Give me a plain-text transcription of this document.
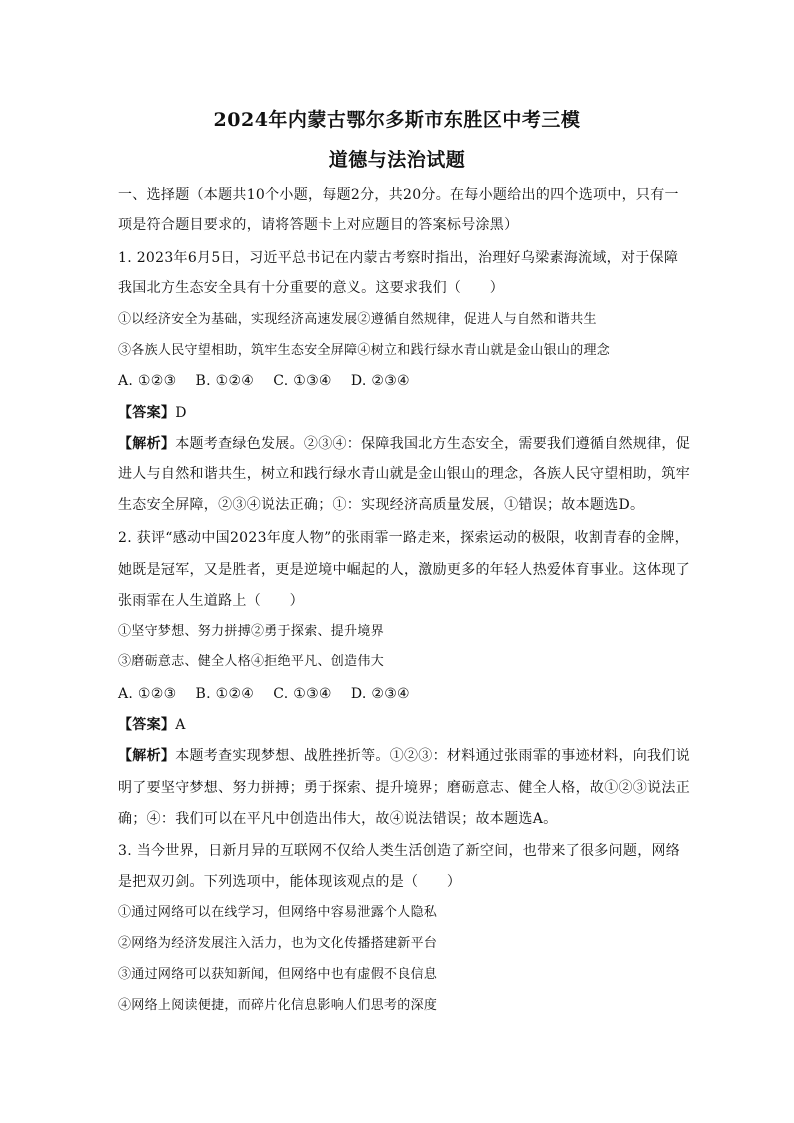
2024年内蒙古鄂尔多斯市东胜区中考三模
道德与法治试题
一、选择题（本题共10个小题，每题2分，共20分。在每小题给出的四个选项中，只有一
项是符合题目要求的，请将答题卡上对应题目的答案标号涂黑）
1. 2023年6月5日，习近平总书记在内蒙古考察时指出，治理好乌梁素海流域，对于保障
我国北方生态安全具有十分重要的意义。这要求我们（　　）
①以经济安全为基础，实现经济高速发展②遵循自然规律，促进人与自然和谐共生
③各族人民守望相助，筑牢生态安全屏障④树立和践行绿水青山就是金山银山的理念
A. ①②③　 B. ①②④　 C. ①③④　 D. ②③④
【答案】D
【解析】本题考查绿色发展。②③④：保障我国北方生态安全，需要我们遵循自然规律，促
进人与自然和谐共生，树立和践行绿水青山就是金山银山的理念，各族人民守望相助，筑牢
生态安全屏障，②③④说法正确；①：实现经济高质量发展，①错误；故本题选D。
2. 获评“感动中国2023年度人物”的张雨霏一路走来，探索运动的极限，收割青春的金牌，
她既是冠军，又是胜者，更是逆境中崛起的人，激励更多的年轻人热爱体育事业。这体现了
张雨霏在人生道路上（　　）
①坚守梦想、努力拼搏②勇于探索、提升境界
③磨砺意志、健全人格④拒绝平凡、创造伟大
A. ①②③　 B. ①②④　 C. ①③④　 D. ②③④
【答案】A
【解析】本题考查实现梦想、战胜挫折等。①②③：材料通过张雨霏的事迹材料，向我们说
明了要坚守梦想、努力拼搏；勇于探索、提升境界；磨砺意志、健全人格，故①②③说法正
确；④：我们可以在平凡中创造出伟大，故④说法错误；故本题选A。
3. 当今世界，日新月异的互联网不仅给人类生活创造了新空间，也带来了很多问题，网络
是把双刃剑。下列选项中，能体现该观点的是（　　）
①通过网络可以在线学习，但网络中容易泄露个人隐私
②网络为经济发展注入活力，也为文化传播搭建新平台
③通过网络可以获知新闻，但网络中也有虚假不良信息
④网络上阅读便捷，而碎片化信息影响人们思考的深度
